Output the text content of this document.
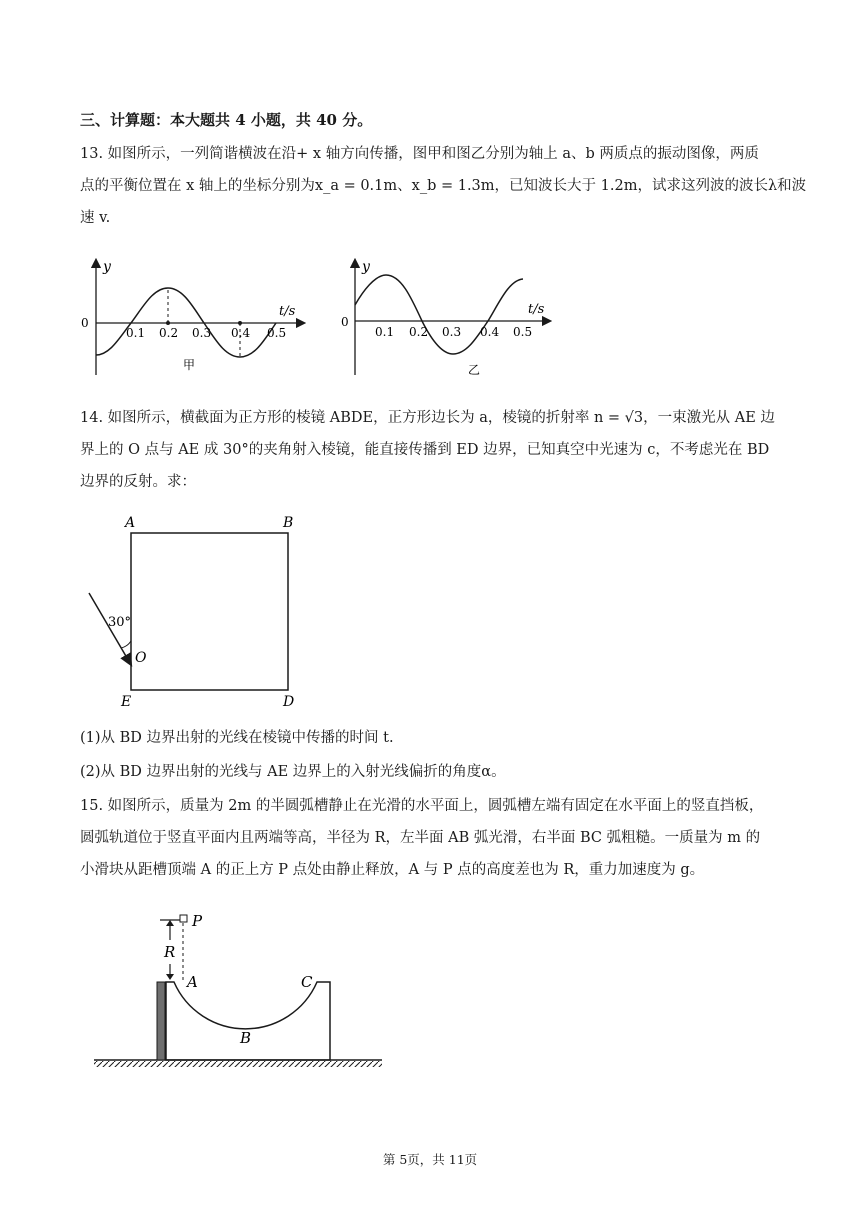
三、计算题：本大题共 4 小题，共 40 分。
13. 如图所示，一列简谐横波在沿+ x 轴方向传播，图甲和图乙分别为轴上 a、b 两质点的振动图像，两质
点的平衡位置在 x 轴上的坐标分别为x_a = 0.1m、x_b = 1.3m，已知波长大于 1.2m，试求这列波的波长λ和波
速 v.
y
t/s
0
0.1 0.2 0.3 0.4 0.5
甲
y
t/s
0
0.1 0.2 0.3 0.4 0.5
乙
14. 如图所示，横截面为正方形的棱镜 ABDE，正方形边长为 a，棱镜的折射率 n = √3，一束激光从 AE 边
界上的 O 点与 AE 成 30°的夹角射入棱镜，能直接传播到 ED 边界，已知真空中光速为 c，不考虑光在 BD
边界的反射。求：
A	B
E	D
30°
O
(1)从 BD 边界出射的光线在棱镜中传播的时间 t.
(2)从 BD 边界出射的光线与 AE 边界上的入射光线偏折的角度α。
15. 如图所示，质量为 2m 的半圆弧槽静止在光滑的水平面上，圆弧槽左端有固定在水平面上的竖直挡板，
圆弧轨道位于竖直平面内且两端等高，半径为 R，左半面 AB 弧光滑，右半面 BC 弧粗糙。一质量为 m 的
小滑块从距槽顶端 A 的正上方 P 点处由静止释放，A 与 P 点的高度差也为 R，重力加速度为 g。
R
P
A
B
C
第 5页，共 11页
